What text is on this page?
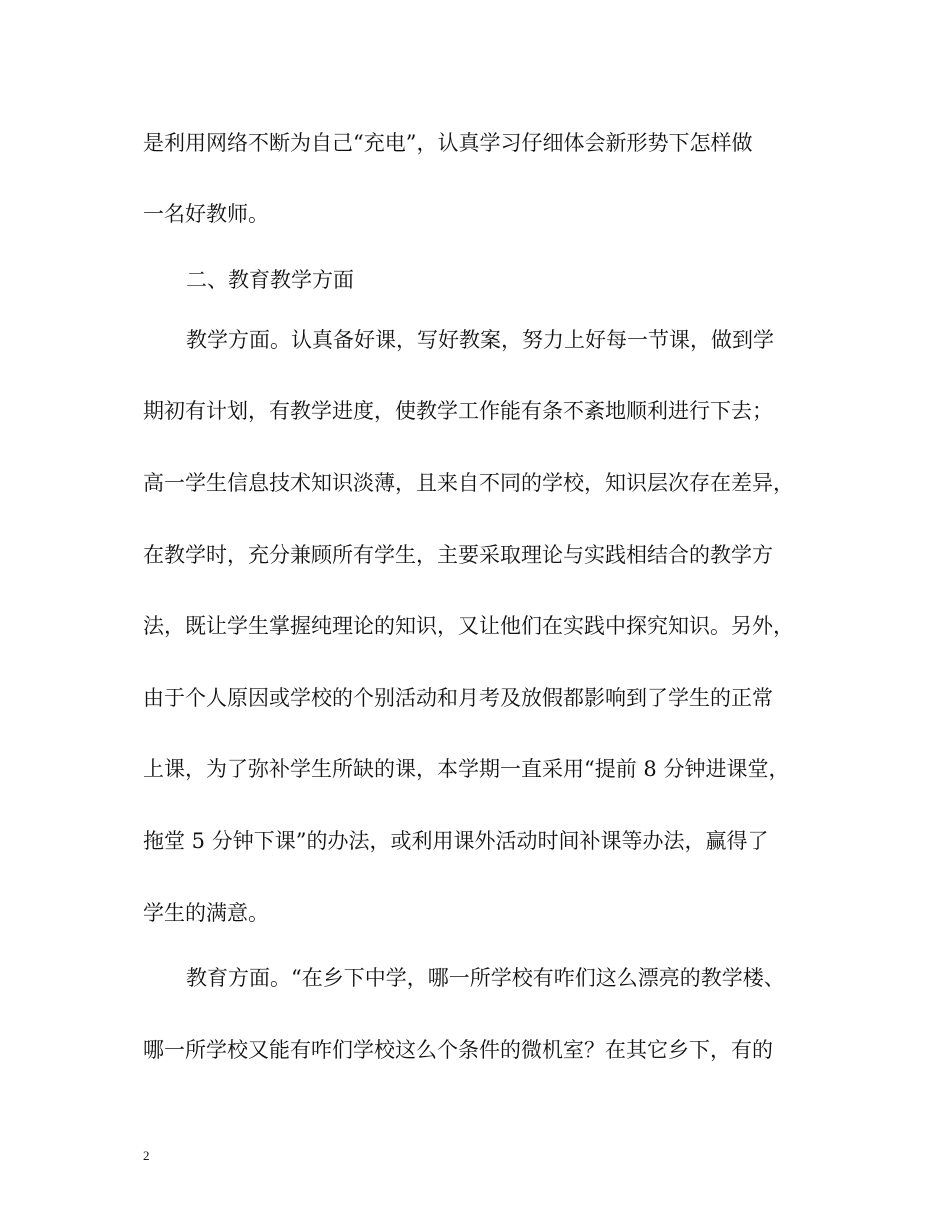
是利用网络不断为自己“充电”，认真学习仔细体会新形势下怎样做
一名好教师。
二、教育教学方面
教学方面。认真备好课，写好教案，努力上好每一节课，做到学
期初有计划，有教学进度，使教学工作能有条不紊地顺利进行下去；
高一学生信息技术知识淡薄，且来自不同的学校，知识层次存在差异，
在教学时，充分兼顾所有学生，主要采取理论与实践相结合的教学方
法，既让学生掌握纯理论的知识，又让他们在实践中探究知识。另外，
由于个人原因或学校的个别活动和月考及放假都影响到了学生的正常
上课，为了弥补学生所缺的课，本学期一直采用“提前 8 分钟进课堂，
拖堂 5 分钟下课”的办法，或利用课外活动时间补课等办法，赢得了
学生的满意。
教育方面。“在乡下中学，哪一所学校有咋们这么漂亮的教学楼、
哪一所学校又能有咋们学校这么个条件的微机室？在其它乡下，有的
2
